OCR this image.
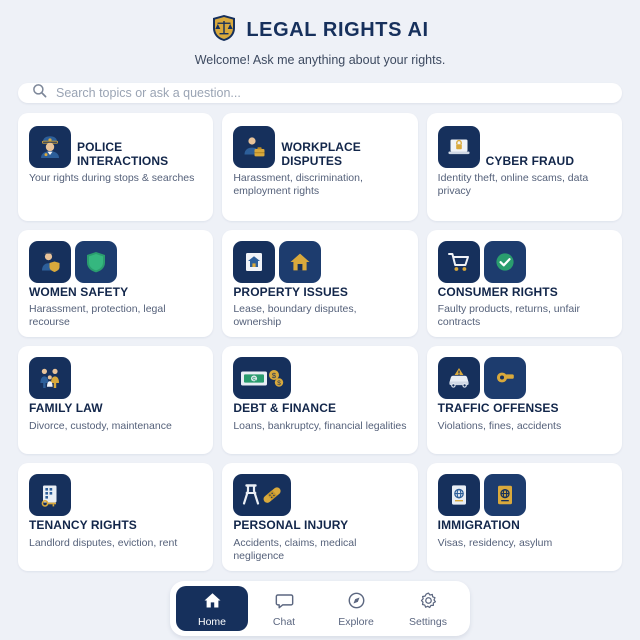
LEGAL RIGHTS AI
Welcome! Ask me anything about your rights.
Search topics or ask a question...
POLICE INTERACTIONS
Your rights during stops & searches
WORKPLACE DISPUTES
Harassment, discrimination, employment rights
CYBER FRAUD
Identity theft, online scams, data privacy
WOMEN SAFETY
Harassment, protection, legal recourse
PROPERTY ISSUES
Lease, boundary disputes, ownership
CONSUMER RIGHTS
Faulty products, returns, unfair contracts
FAMILY LAW
Divorce, custody, maintenance
$
$
$
DEBT & FINANCE
Loans, bankruptcy, financial legalities
TRAFFIC OFFENSES
Violations, fines, accidents
TENANCY RIGHTS
Landlord disputes, eviction, rent
PERSONAL INJURY
Accidents, claims, medical negligence
IMMIGRATION
Visas, residency, asylum
Home	Chat	Explore	Settings
